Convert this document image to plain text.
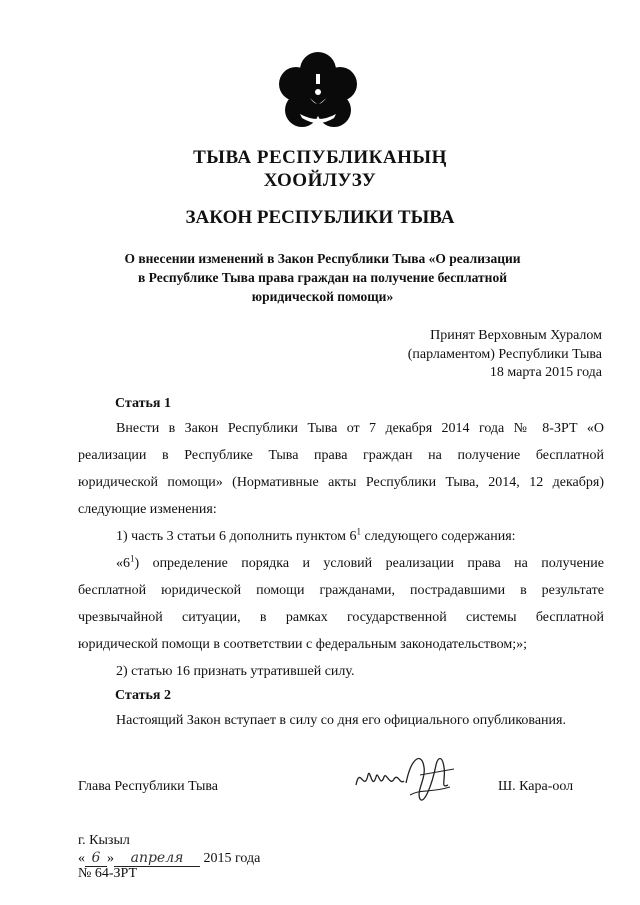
ТЫВА РЕСПУБЛИКАНЫҢ
ХООЙЛУЗУ
ЗАКОН РЕСПУБЛИКИ ТЫВА
О внесении изменений в Закон Республики Тыва «О реализации
в Республике Тыва права граждан на получение бесплатной
юридической помощи»
Принят Верховным Хуралом
(парламентом) Республики Тыва
18 марта 2015 года
Статья 1
Внести в Закон Республики Тыва от 7 декабря 2014 года № 8-ЗРТ «О
реализации в Республике Тыва права граждан на получение бесплатной
юридической помощи» (Нормативные акты Республики Тыва, 2014, 12 декабря)
следующие изменения:
1) часть 3 статьи 6 дополнить пунктом $6^1$ следующего содержания:
«$6^1$) определение порядка и условий реализации права на получение
бесплатной юридической помощи гражданами, пострадавшими в результате
чрезвычайной ситуации, в рамках государственной системы бесплатной
юридической помощи в соответствии с федеральным законодательством;»;
2) статью 16 признать утратившей силу.
Статья 2
Настоящий Закон вступает в силу со дня его официального опубликования.
Глава Республики Тыва	Ш. Кара-оол
г. Кызыл
« 6 » апреля 2015 года
№ 64-ЗРТ
